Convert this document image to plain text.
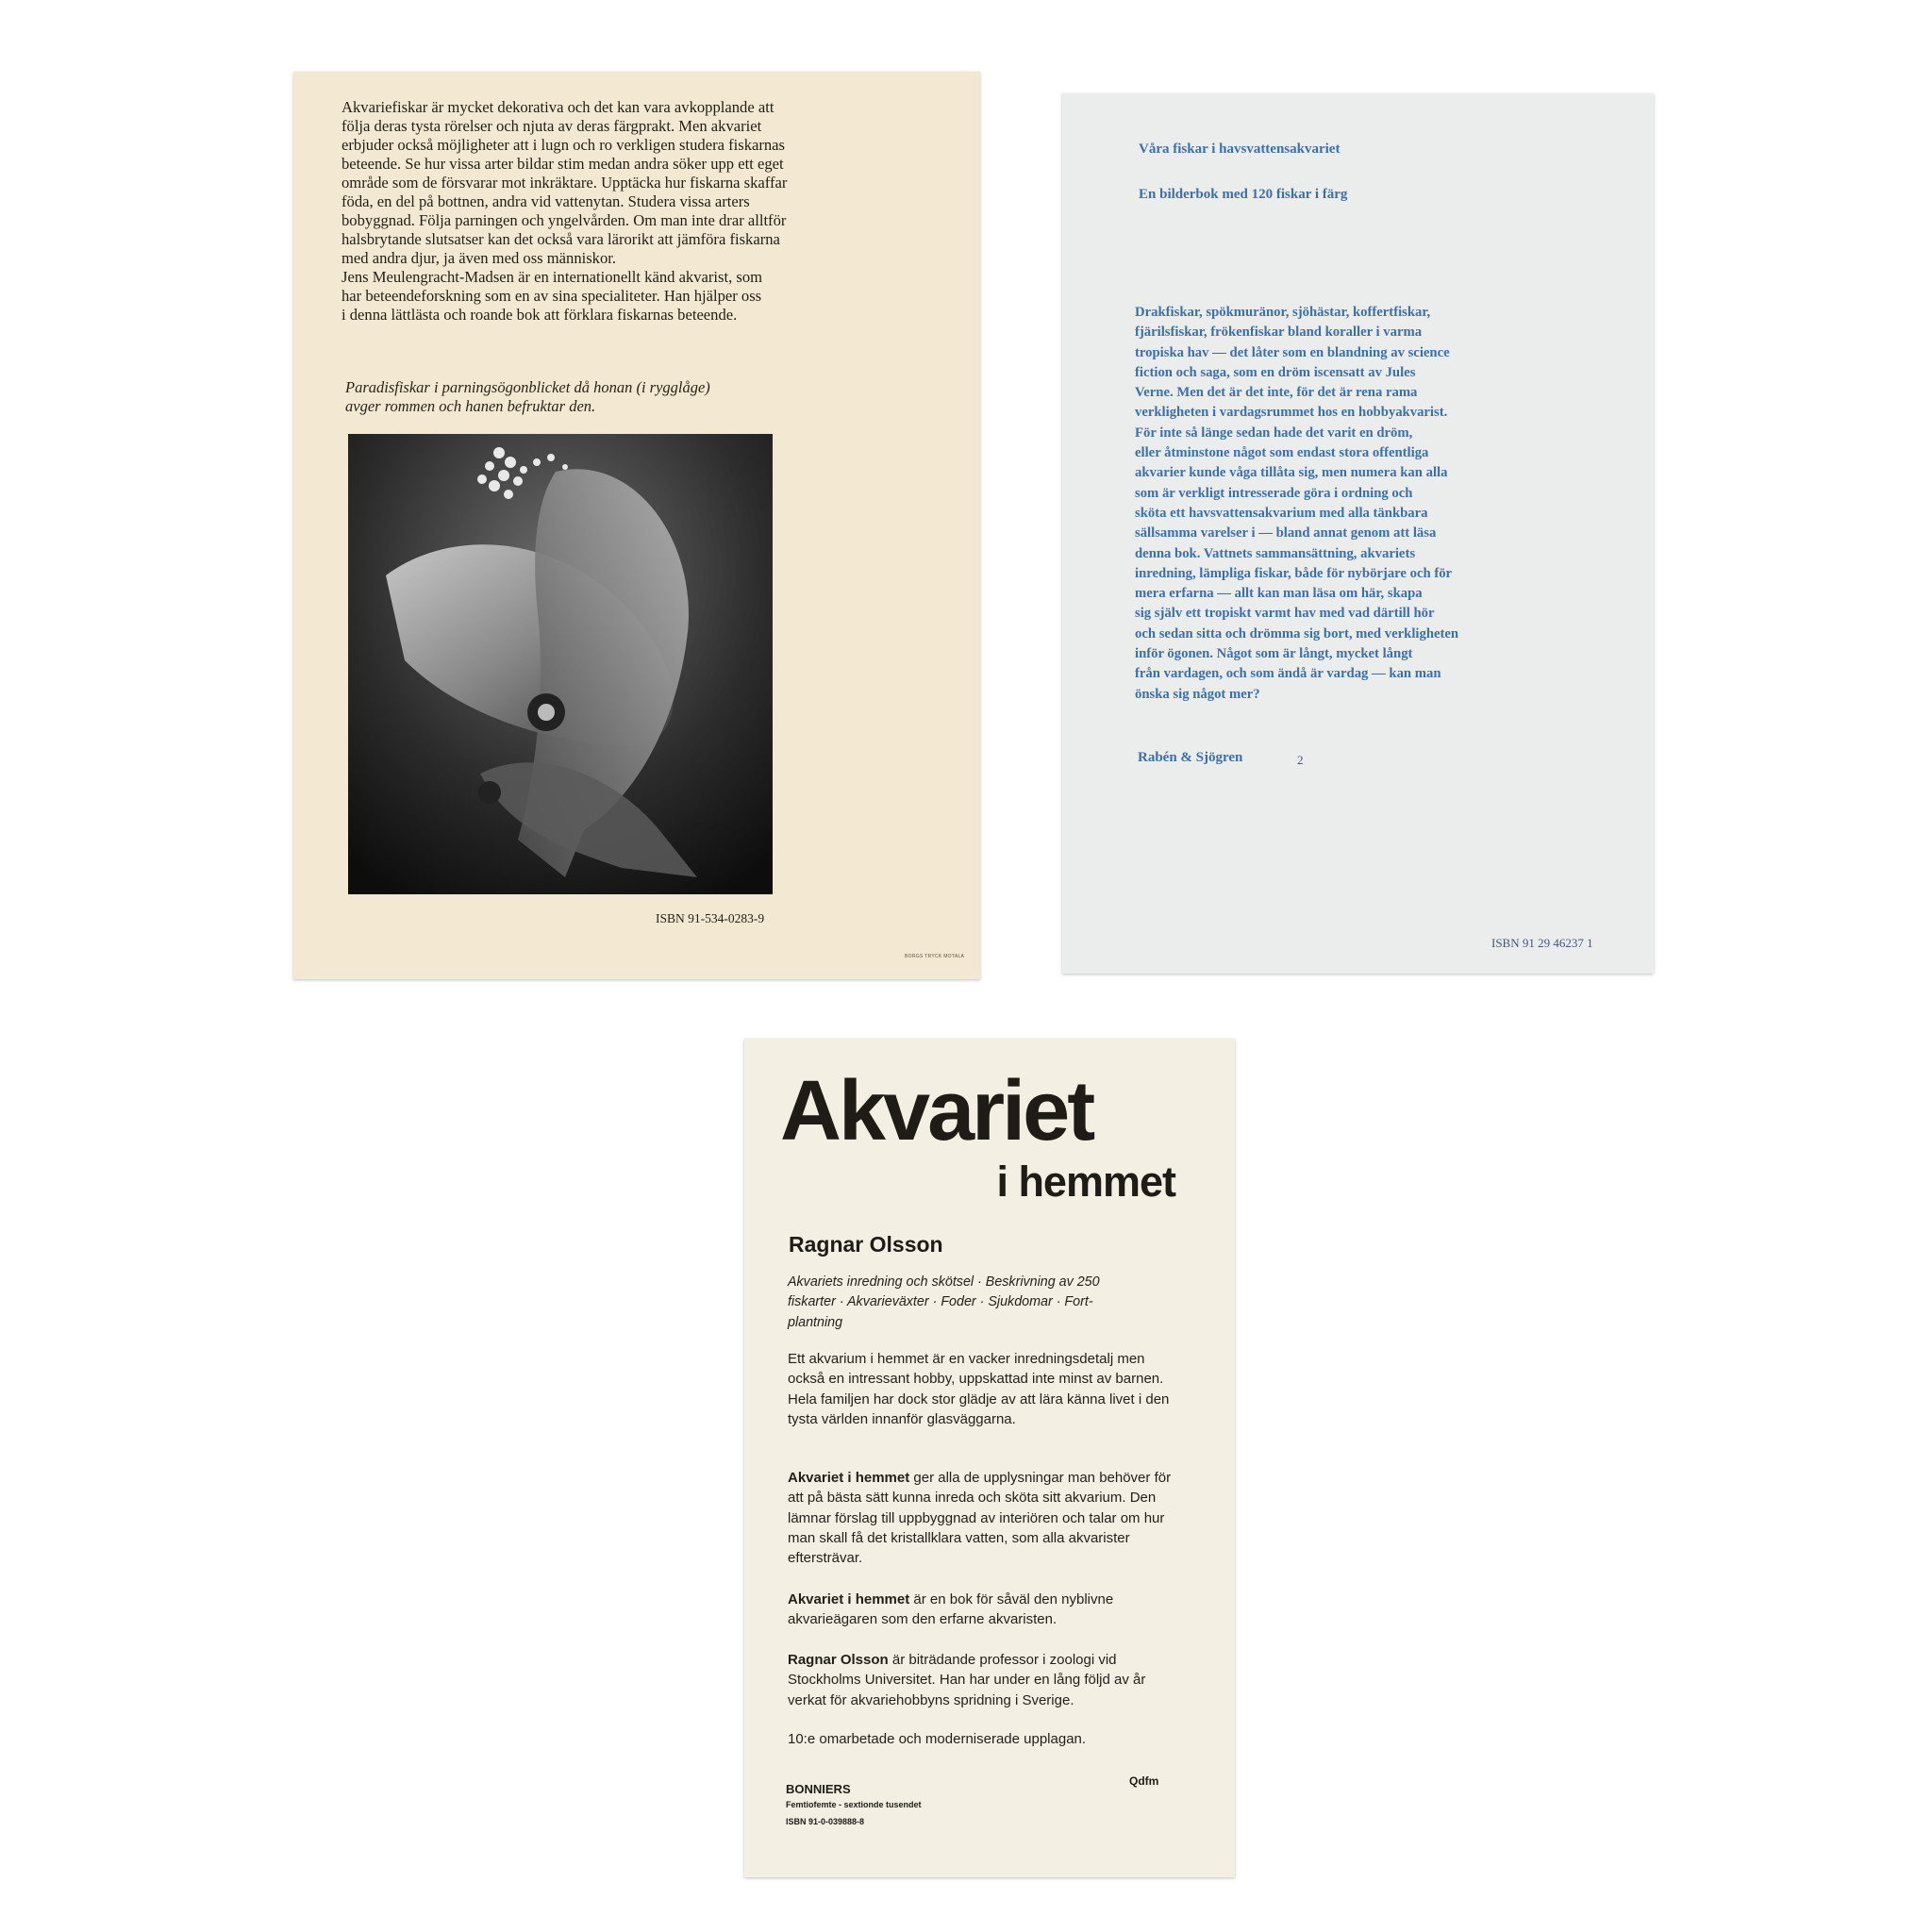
Akvariefiskar är mycket dekorativa och det kan vara avkopplande att

följa deras tysta rörelser och njuta av deras färgprakt. Men akvariet

erbjuder också möjligheter att i lugn och ro verkligen studera fiskarnas

beteende. Se hur vissa arter bildar stim medan andra söker upp ett eget

område som de försvarar mot inkräktare. Upptäcka hur fiskarna skaffar

föda, en del på bottnen, andra vid vattenytan. Studera vissa arters

bobyggnad. Följa parningen och yngelvården. Om man inte drar alltför

halsbrytande slutsatser kan det också vara lärorikt att jämföra fiskarna

med andra djur, ja även med oss människor.

Jens Meulengracht-Madsen är en internationellt känd akvarist, som

har beteendeforskning som en av sina specialiteter. Han hjälper oss

i denna lättlästa och roande bok att förklara fiskarnas beteende.

Paradisfiskar i parningsögonblicket då honan (i rygglåge)
avger rommen och hanen befruktar den.
ISBN 91-534-0283-9
BORGS TRYCK MOTALA
Våra fiskar i havsvattensakvariet
En bilderbok med 120 fiskar i färg
Drakfiskar, spökmuränor, sjöhästar, koffertfiskar,
fjärilsfiskar, frökenfiskar bland koraller i varma
tropiska hav — det låter som en blandning av science
fiction och saga, som en dröm iscensatt av Jules
Verne. Men det är det inte, för det är rena rama
verkligheten i vardagsrummet hos en hobbyakvarist.
För inte så länge sedan hade det varit en dröm,
eller åtminstone något som endast stora offentliga
akvarier kunde våga tillåta sig, men numera kan alla
som är verkligt intresserade göra i ordning och
sköta ett havsvattensakvarium med alla tänkbara
sällsamma varelser i — bland annat genom att läsa
denna bok. Vattnets sammansättning, akvariets
inredning, lämpliga fiskar, både för nybörjare och för
mera erfarna — allt kan man läsa om här, skapa
sig själv ett tropiskt varmt hav med vad därtill hör
och sedan sitta och drömma sig bort, med verkligheten
inför ögonen. Något som är långt, mycket långt
från vardagen, och som ändå är vardag — kan man
önska sig något mer?
Rabén & Sjögren	2
ISBN 91 29 46237 1
Akvariet
i hemmet
Ragnar Olsson

Akvariets inredning och skötsel · Beskrivning av 250

fiskarter · Akvarieväxter · Foder · Sjukdomar · Fort-

plantning

Ett akvarium i hemmet är en vacker inredningsdetalj men också en intressant hobby, uppskattad inte minst av barnen. Hela familjen har dock stor glädje av att lära känna livet i den tysta världen innanför glasväggarna.

Akvariet i hemmet ger alla de upplysningar man behöver för att på bästa sätt kunna inreda och sköta sitt akvarium. Den lämnar förslag till uppbyggnad av interiören och talar om hur man skall få det kristallklara vatten, som alla akvarister eftersträvar.

Akvariet i hemmet är en bok för såväl den nyblivne akvarieägaren som den erfarne akvaristen.

Ragnar Olsson är biträdande professor i zoologi vid Stockholms Universitet. Han har under en lång följd av år verkat för akvariehobbyns spridning i Sverige.

10:e omarbetade och moderniserade upplagan.
BONNIERS
Femtiofemte - sextionde tusendet
ISBN 91-0-039888-8
Qdfm
